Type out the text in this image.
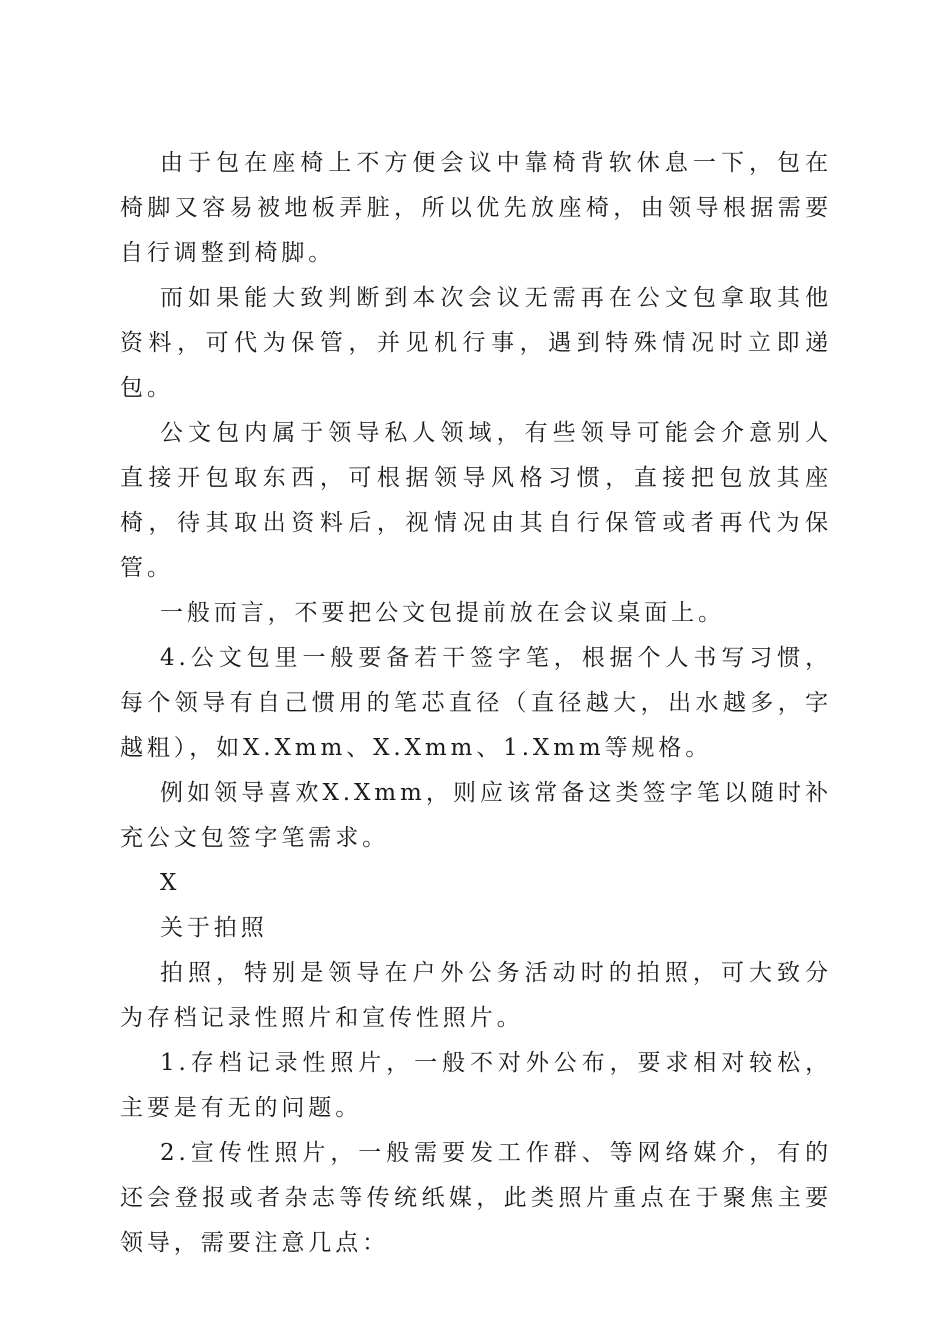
由于包在座椅上不方便会议中靠椅背软休息一下，包在椅脚又容易被地板弄脏，所以优先放座椅，由领导根据需要自行调整到椅脚。

而如果能大致判断到本次会议无需再在公文包拿取其他资料，可代为保管，并见机行事，遇到特殊情况时立即递包。

公文包内属于领导私人领域，有些领导可能会介意别人直接开包取东西，可根据领导风格习惯，直接把包放其座椅，待其取出资料后，视情况由其自行保管或者再代为保管。

一般而言，不要把公文包提前放在会议桌面上。

4.公文包里一般要备若干签字笔，根据个人书写习惯，每个领导有自己惯用的笔芯直径（直径越大，出水越多，字越粗），如X.Xmm、X.Xmm、1.Xmm等规格。

例如领导喜欢X.Xmm，则应该常备这类签字笔以随时补充公文包签字笔需求。

X

关于拍照

拍照，特别是领导在户外公务活动时的拍照，可大致分为存档记录性照片和宣传性照片。

1.存档记录性照片，一般不对外公布，要求相对较松，主要是有无的问题。

2.宣传性照片，一般需要发工作群、等网络媒介，有的还会登报或者杂志等传统纸媒，此类照片重点在于聚焦主要领导，需要注意几点：
